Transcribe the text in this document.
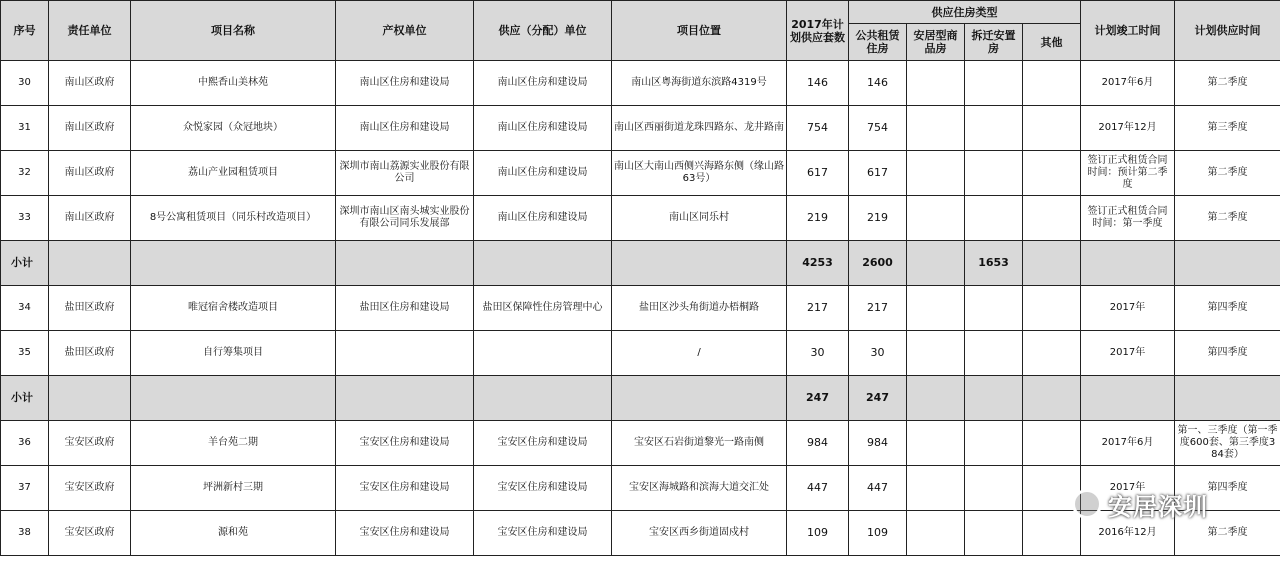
序号	责任单位	项目名称	产权单位	供应（分配）单位	项目位置	2017年计划供应套数	供应住房类型				计划竣工时间	计划供应时间
							公共租赁住房	安居型商品房	拆迁安置房	其他		
30	南山区政府	中熙香山美林苑	南山区住房和建设局	南山区住房和建设局	南山区粤海街道东滨路4319号	146	146				2017年6月	第二季度
31	南山区政府	众悦家园（众冠地块）	南山区住房和建设局	南山区住房和建设局	南山区西丽街道龙珠四路东、龙井路南	754	754				2017年12月	第三季度
32	南山区政府	荔山产业园租赁项目	深圳市南山荔源实业股份有限公司	南山区住房和建设局	南山区大南山西侧兴海路东侧（缘山路63号）	617	617				签订正式租赁合同时间：预计第二季度	第二季度
33	南山区政府	8号公寓租赁项目（同乐村改造项目）	深圳市南山区南头城实业股份有限公司同乐发展部	南山区住房和建设局	南山区同乐村	219	219				签订正式租赁合同时间：第一季度	第二季度
小计						4253	2600		1653			
34	盐田区政府	唯冠宿舍楼改造项目	盐田区住房和建设局	盐田区保障性住房管理中心	盐田区沙头角街道办梧桐路	217	217				2017年	第四季度
35	盐田区政府	自行筹集项目			/	30	30				2017年	第四季度
小计						247	247					
36	宝安区政府	羊台苑二期	宝安区住房和建设局	宝安区住房和建设局	宝安区石岩街道黎光一路南侧	984	984				2017年6月	第一、三季度（第一季度600套、第三季度384套）
37	宝安区政府	坪洲新村三期	宝安区住房和建设局	宝安区住房和建设局	宝安区海城路和滨海大道交汇处	447	447				2017年	第四季度
38	宝安区政府	源和苑	宝安区住房和建设局	宝安区住房和建设局	宝安区西乡街道固戍村	109	109				2016年12月	第二季度
安居深圳
